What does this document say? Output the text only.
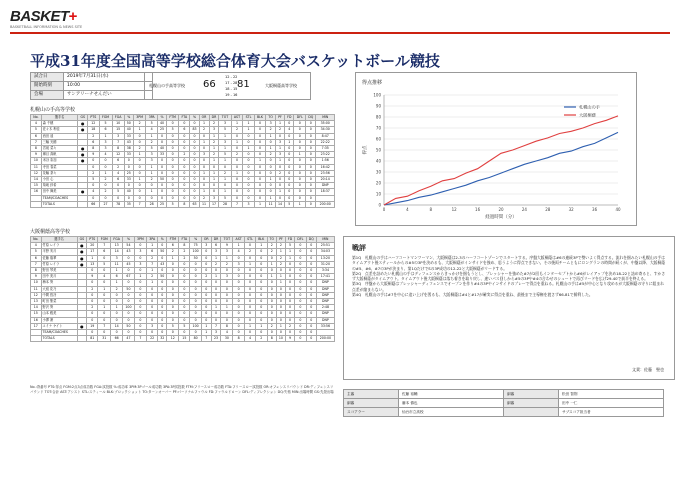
BASKET+
BASKETBALL INFORMATION & NEWS SITE
平成31年度全国高等学校総合体育大会バスケットボール競技
試合日	2019年7月31日(水)
開始時刻	10:00
会場	サンアリーナせんだい
札幌山の手高等学校 66
12 - 22
17 - 28
18 - 15
19 - 16
81	大阪桐蔭高等学校
札幌山の手高等学校
No.	選手名	GS	PTS	FGM	FGA	%	3PM	3PA	%	FTM	FTA	%	OR	DR	TOT	AST	STL	BLK	TO	PF	FD	DFL	DQ	MIN
4	森 千穂	●	12	5	10	50	2	5	40	0	0	0	1	2	3	1	1	0	3	1	0	0	0	35:00
5	佐々木 利佳	●	18	6	15	40	1	4	25	5	6	83	2	3	5	2	1	0	2	2	4	0	0	34:30
6	西田 遥		2	1	3	33	0	1	0	0	0	0	0	1	1	0	0	0	1	0	0	0	0	8:47
7	三輪 光穂		6	3	7	43	0	2	0	0	0	0	1	2	3	1	0	0	0	3	1	0	0	22:22
8	宮坂 菜々	●	8	3	8	38	2	5	40	0	0	0	0	1	1	0	1	0	1	1	0	0	0	7:35
9	郷目 真帆	●	9	4	12	33	1	3	33	0	2	0	3	2	5	2	0	0	2	3	0	1	0	23:22
10	米谷 彩加	●	0	0	6	0	0	3	0	0	0	0	0	1	1	0	0	1	0	1	0	0	0	1:56
11	寺田 春菜		0	0	2	0	0	1	0	0	0	0	0	0	0	0	0	0	0	0	0	0	0	16:42
12	花輪 茶々		2	1	4	25	0	1	0	0	0	0	1	1	2	1	0	0	0	2	0	0	0	23:56
14	小田 心		5	2	6	33	1	2	50	0	0	0	0	1	1	0	0	0	1	0	0	0	0	20:14
15	菊地 紗希		0	0	0	0	0	0	0	0	0	0	0	0	0	0	0	0	0	0	0	0	0	DNP
16	田中 舞美	●	4	2	5	40	0	1	0	0	0	0	1	0	1	0	0	0	0	1	0	0	0	18:37
	TEAM/COACHES		0	0	0	0	0	0	0	0	0	0	2	3	5	0	0	0	1	0	0	0	0	
	TOTALS		66	27	78	35	7	28	25	5	8	63	11	17	28	7	3	1	11	14	5	1	0	200:00
大阪桐蔭高等学校
No.	選手名	GS	PTS	FGM	FGA	%	3PM	3PA	%	FTM	FTA	%	OR	DR	TOT	AST	STL	BLK	TO	PF	FD	DFL	DQ	MIN
4	竹原 レイラ	●	20	7	13	54	0	1	0	6	8	75	3	6	9	1	0	1	2	2	5	0	0	25:51
5	平野 実月	●	17	6	14	43	3	6	50	2	2	100	0	3	3	4	2	0	2	1	1	0	0	34:03
6	佐藤 瑞華	●	1	0	3	0	0	2	0	1	2	50	0	1	1	0	0	0	0	2	1	0	0	13:20
7	竹原 レイラ	●	13	5	11	45	3	7	43	0	0	0	0	2	2	3	1	0	1	2	0	0	0	31:20
8	野田 琴美		0	0	1	0	0	1	0	0	0	0	0	0	0	0	0	0	0	0	0	0	0	3:34
9	田中 美月		9	4	6	67	1	2	50	0	0	0	2	1	3	0	0	0	1	1	0	0	0	17:41
10	梅本 葵		0	0	1	0	0	1	0	0	0	0	0	0	0	0	0	0	0	1	0	0	0	DNP
11	大庭 花乃		2	1	2	50	0	0	0	0	0	0	0	0	0	0	0	0	0	0	0	0	0	DNP
12	中間 悠冴		0	0	0	0	0	0	0	0	0	0	0	0	0	0	0	0	0	0	0	0	0	DNP
13	町田 聖菜		0	0	0	0	0	0	0	0	0	0	0	0	0	0	0	0	0	0	0	0	0	DNP
14	野沢 葵		2	1	1	100	0	0	0	0	0	0	0	1	1	0	0	0	0	0	0	0	0	2:48
15	山本 雅美		0	0	0	0	0	0	0	0	0	0	0	0	0	0	0	0	0	0	0	0	0	DNP
16	小澤 凜		0	0	0	0	0	0	0	0	0	0	0	0	0	0	0	0	0	0	0	0	0	DNP
17	ユイナ ケイト	●	19	7	14	50	0	3	0	5	5	100	1	7	8	0	1	1	2	1	2	0	0	33:56
	TEAM/COACHES		0	0	0	0	0	0	0	0	0	0	1	3	4	0	0	0	0	0	0	0	0	
	TOTALS		81	31	66	47	7	22	32	12	15	80	7	23	30	8	4	2	8	10	9	0	0	200:00
得点推移
0
10
20
30
40
50
60
70
80
90
100
0	4	8	12	16	20	24	28	32	36	40
経過時間（分）
得点
札幌山の手
大阪桐蔭
戦評

第1Q　札幌山の手はハーフコートマンツーマン、大阪桐蔭は2-3のハーフコートゾーンでスタートする。序盤大阪桐蔭は#6の連続3Pで勢いよく得点する。流れを掴みたい札幌山の手はタイムアウト後スティールからの#5の3Pを決めるも、大阪桐蔭がインサイドを強め、思うように得点できない。その後両チームともにロングランの時間が続くが、中盤以降、大阪桐蔭の#5、#6、#7の3Pが決まり、第1QだけでSの3P成功の12-22と大阪桐蔭がリードする。

第2Q　点差を詰めたい札幌山の手はディフェンスからきっかけを掴もうとし、プレッシャーを強めた#7が2回もインターセプトから#6がレイアップを決め18-22と詰め寄ると、すかさず大阪桐蔭がタイムアウト。タイムアウト後大阪桐蔭は落ち着きを取り戻し、速いパス回しから#5の3Pや#4の合わせのシュートで再びリードを広げ29-40で前半を終える。

第3Q　序盤から大阪桐蔭はプレッシャーディフェンスでオープンを作り#4の3Pやインサイドのプレーで得点を重ねる。札幌山の手は#5が中心となり攻めるが大阪桐蔭の守りに阻まれ点差が縮まらない。

第4Q　札幌山の手は#7を中心に追い上げを図るも、大阪桐蔭は#4と#17が確実に得点を重ね、最後まで主導権を渡さず66-81で勝利した。

文責：佐藤　聖也
No.:背番号 PTS:得点 FGM:2点3点成功数 FGA:試投数 %:成功率 3PM:3Pゴール成功数 3PA:3P試投数 FTM:フリースロー成功数 FTA:フリースロー試投数 OR:オフェンスリバウンド DR:ディフェンスリバウンド TOT:合計 AST:アシスト STL:スティール BLK:ブロックショット TO:ターンオーバー PF:パーソナルファウル FD:ファウルドローン DFL:ディフレクション DQ:失格 MIN:出場時間 GS:先発出場
主審	佐藤 裕輔	副審	松田 智則
副審	藤本 慎也	副審	田中 一仁
スコアラー	仙台市立高校		サブスコア担当者
